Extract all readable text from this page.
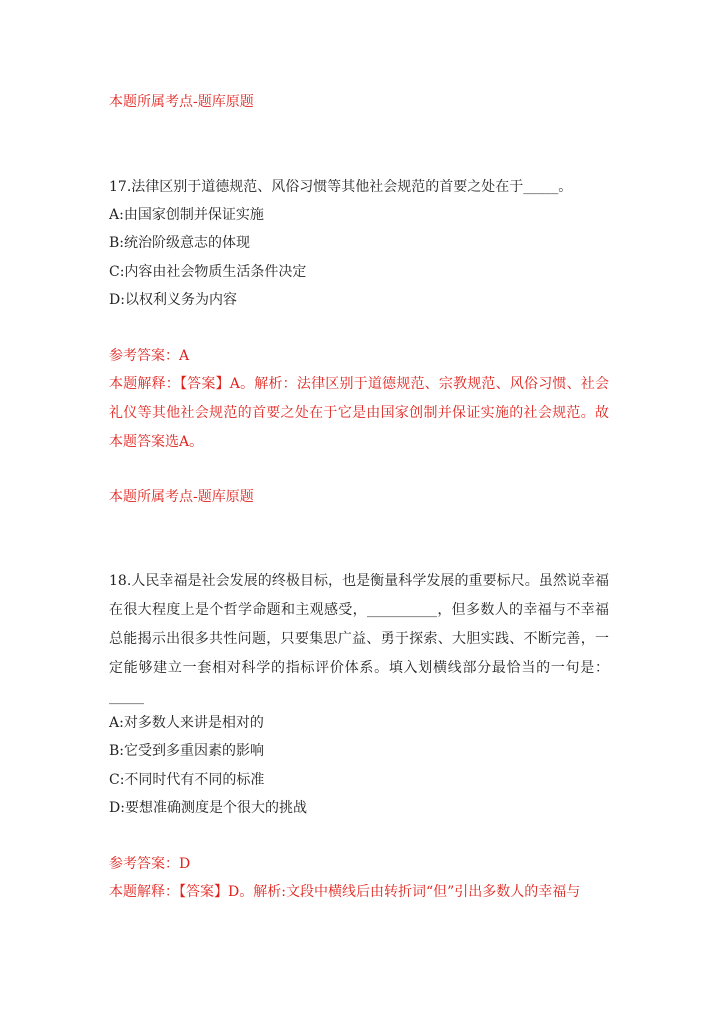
本题所属考点-题库原题
17.法律区别于道德规范、风俗习惯等其他社会规范的首要之处在于_____。
A:由国家创制并保证实施
B:统治阶级意志的体现
C:内容由社会物质生活条件决定
D:以权利义务为内容
参考答案：A
本题解释：【答案】A。解析：法律区别于道德规范、宗教规范、风俗习惯、社会礼仪等其他社会规范的首要之处在于它是由国家创制并保证实施的社会规范。故本题答案选A。
本题所属考点-题库原题
18.人民幸福是社会发展的终极目标，也是衡量科学发展的重要标尺。虽然说幸福在很大程度上是个哲学命题和主观感受，__________，但多数人的幸福与不幸福总能揭示出很多共性问题，只要集思广益、勇于探索、大胆实践、不断完善，一定能够建立一套相对科学的指标评价体系。填入划横线部分最恰当的一句是：_____
A:对多数人来讲是相对的
B:它受到多重因素的影响
C:不同时代有不同的标准
D:要想准确测度是个很大的挑战
参考答案：D
本题解释：【答案】D。解析:文段中横线后由转折词“但”引出多数人的幸福与
